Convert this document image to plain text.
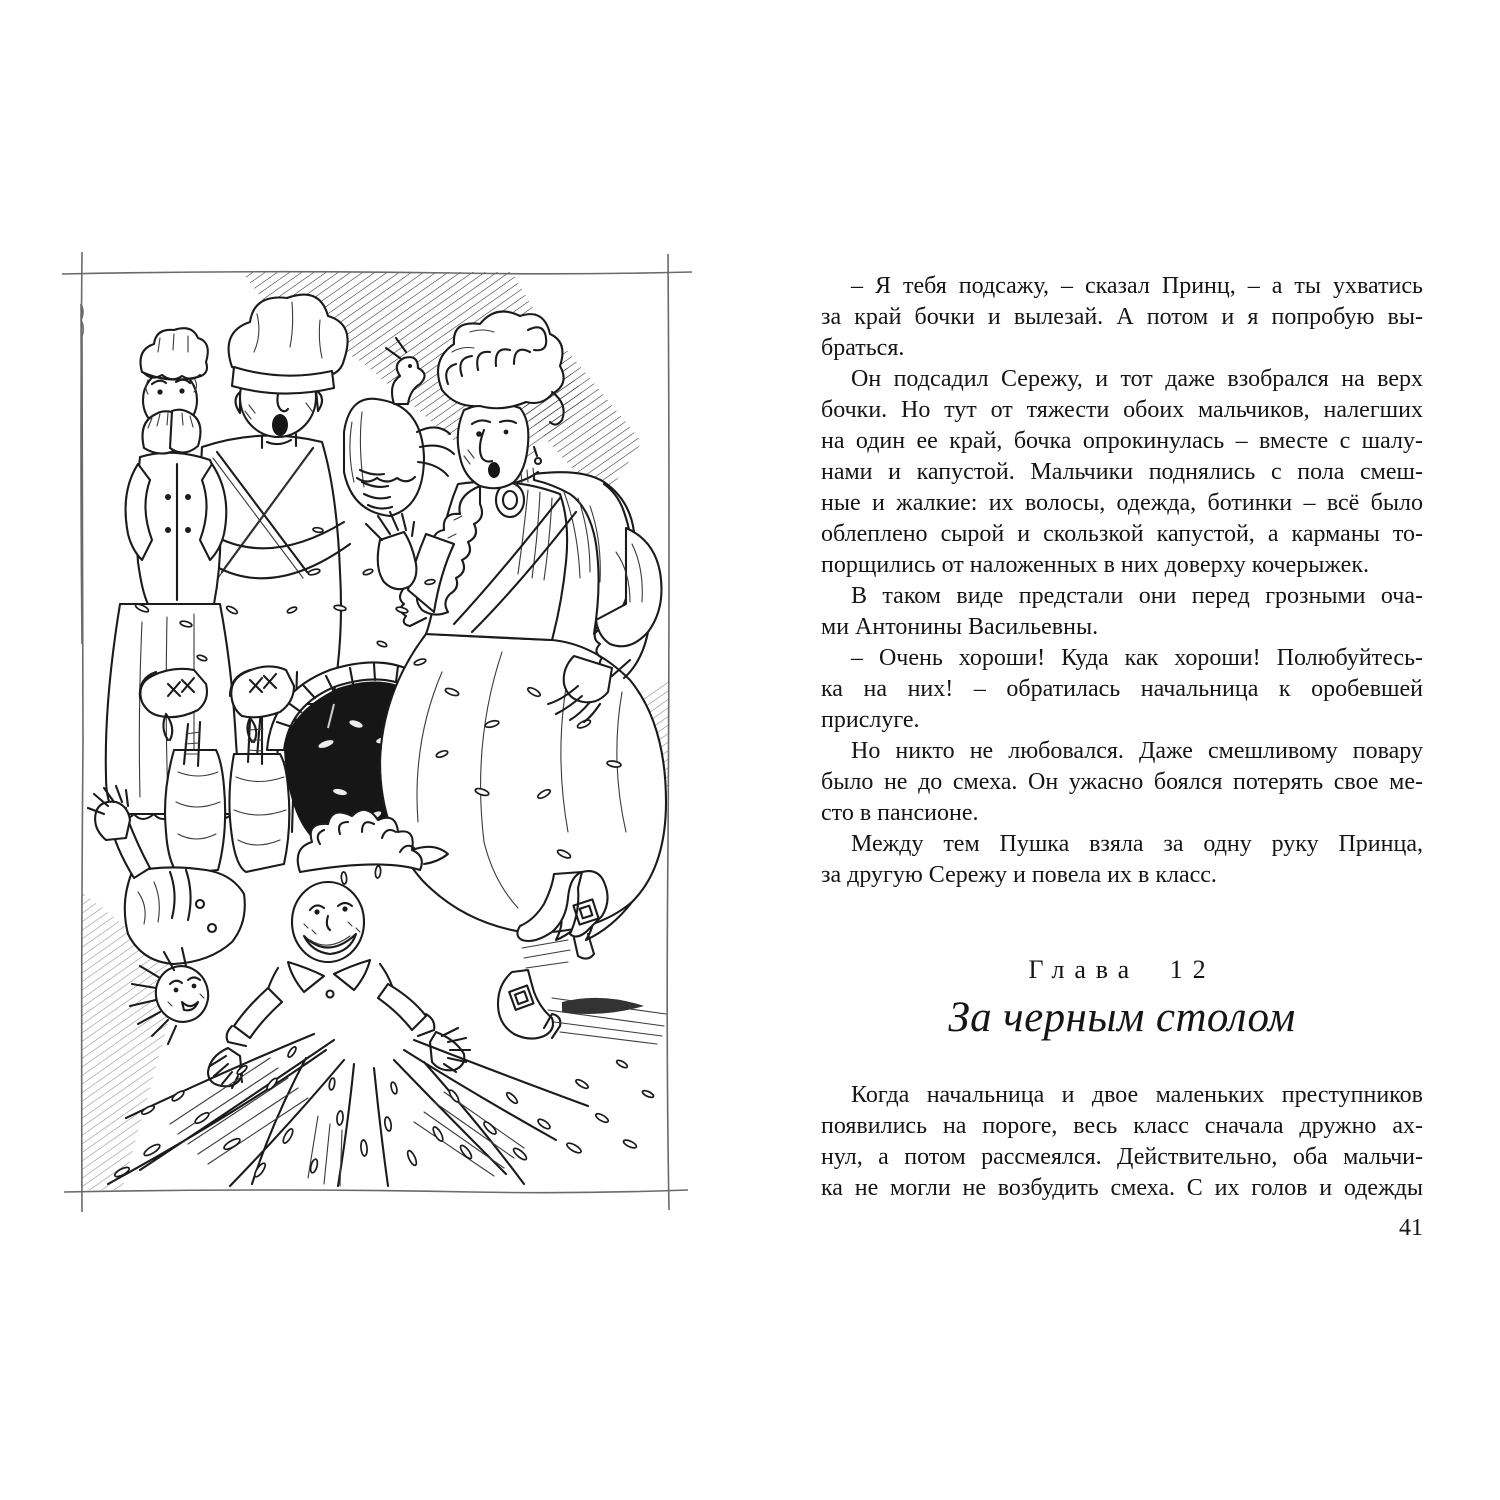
– Я тебя подсажу, – сказал Принц, – а ты ухватись
за край бочки и вылезай. А потом и я попробую вы-
браться.
Он подсадил Сережу, и тот даже взобрался на верх
бочки. Но тут от тяжести обоих мальчиков, налегших
на один ее край, бочка опрокинулась – вместе с шалу-
нами и капустой. Мальчики поднялись с пола смеш-
ные и жалкие: их волосы, одежда, ботинки – всё было
облеплено сырой и скользкой капустой, а карманы то-
порщились от наложенных в них доверху кочерыжек.
В таком виде предстали они перед грозными оча-
ми Антонины Васильевны.
– Очень хороши! Куда как хороши! Полюбуйтесь-
ка на них! – обратилась начальница к оробевшей
прислуге.
Но никто не любовался. Даже смешливому повару
было не до смеха. Он ужасно боялся потерять свое ме-
сто в пансионе.
Между тем Пушка взяла за одну руку Принца,
за другую Сережу и повела их в класс.
Глава 12
За черным столом
Когда начальница и двое маленьких преступников
появились на пороге, весь класс сначала дружно ах-
нул, а потом рассмеялся. Действительно, оба мальчи-
ка не могли не возбудить смеха. С их голов и одежды
41
